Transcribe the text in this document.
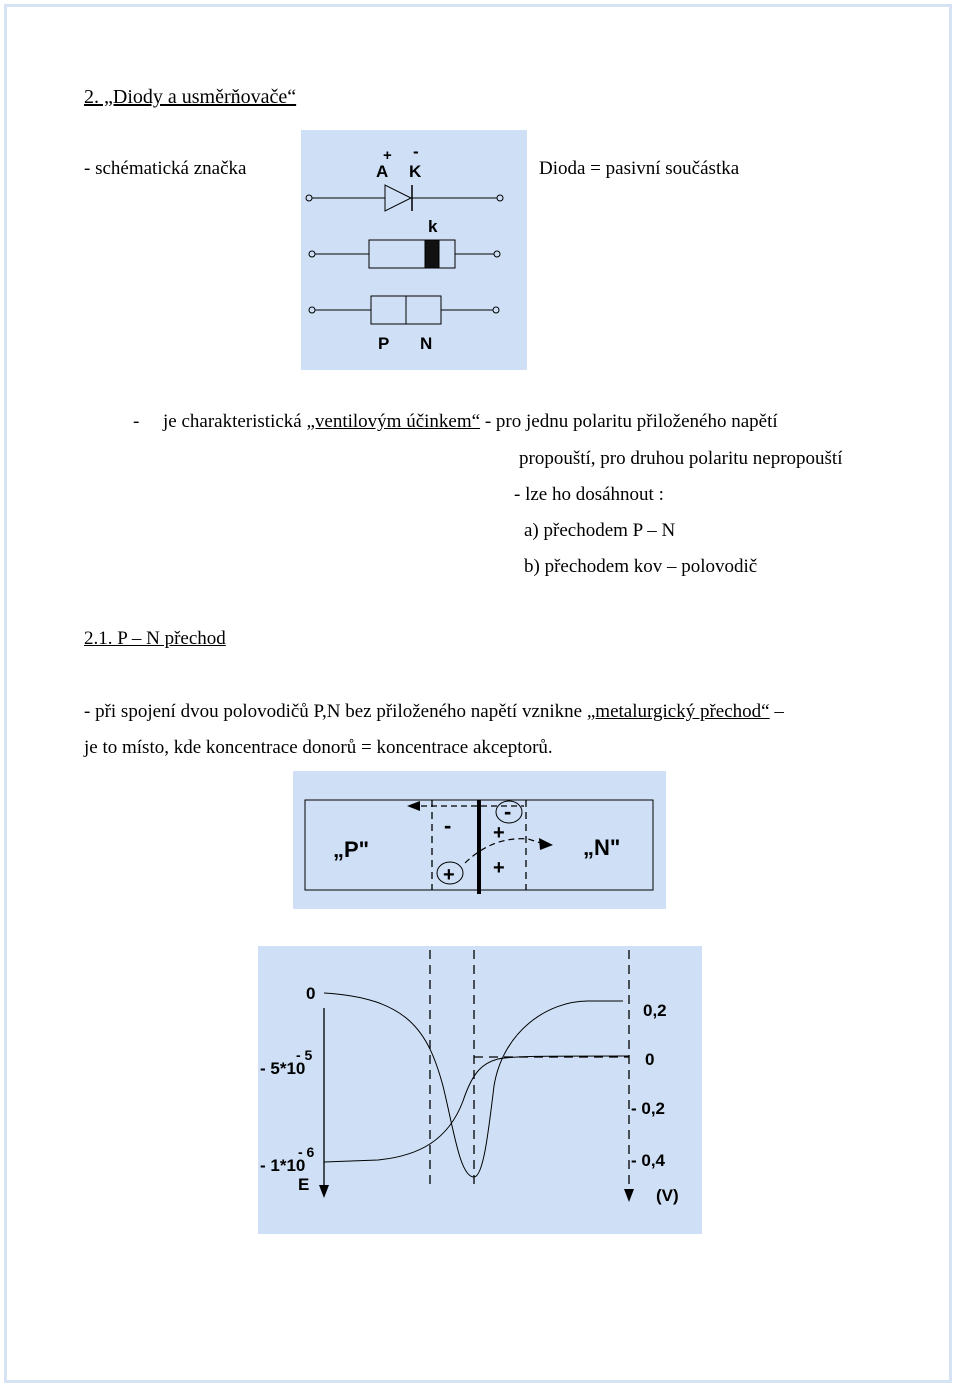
2. „Diody a usměrňovače“
- schématická značka	Dioda = pasivní součástka
+
A
-
K
k
P N
- je charakteristická „ventilovým účinkem“ - pro jednu polaritu přiloženého napětí
propouští, pro druhou polaritu nepropouští
- lze ho dosáhnout :
a) přechodem P – N
b) přechodem kov – polovodič
2.1. P – N přechod
- při spojení dvou polovodičů P,N bez přiloženého napětí vznikne „metalurgický přechod“ –
je to místo, kde koncentrace donorů = koncentrace akceptorů.
„P"	„N"
-
- +
+
+
0
- 5*10
- 5
- 1*10
- 6
E
0,2
0
- 0,2
- 0,4
(V)
